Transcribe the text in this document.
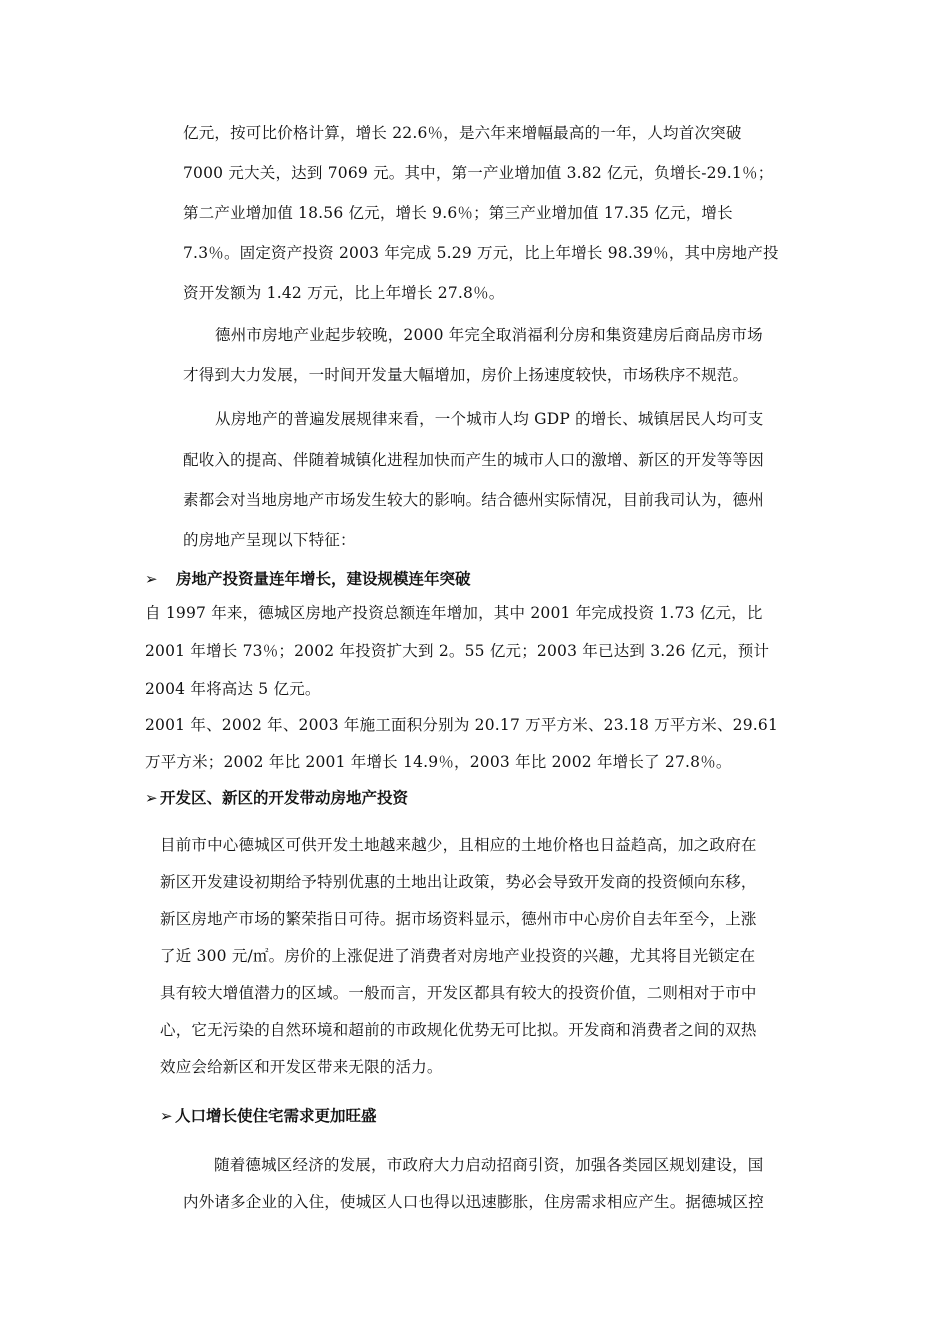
亿元，按可比价格计算，增长 22.6％，是六年来增幅最高的一年，人均首次突破

7000 元大关，达到 7069 元。其中，第一产业增加值 3.82 亿元，负增长-29.1％；

第二产业增加值 18.56 亿元，增长 9.6％；第三产业增加值 17.35 亿元，增长

7.3％。固定资产投资 2003 年完成 5.29 万元，比上年增长 98.39％，其中房地产投

资开发额为 1.42 万元，比上年增长 27.8％。

德州市房地产业起步较晚，2000 年完全取消福利分房和集资建房后商品房市场

才得到大力发展，一时间开发量大幅增加，房价上扬速度较快，市场秩序不规范。

从房地产的普遍发展规律来看，一个城市人均 GDP 的增长、城镇居民人均可支

配收入的提高、伴随着城镇化进程加快而产生的城市人口的激增、新区的开发等等因

素都会对当地房地产市场发生较大的影响。结合德州实际情况，目前我司认为，德州

的房地产呈现以下特征：

➢ 房地产投资量连年增长，建设规模连年突破

自 1997 年来，德城区房地产投资总额连年增加，其中 2001 年完成投资 1.73 亿元，比

2001 年增长 73％；2002 年投资扩大到 2。55 亿元；2003 年已达到 3.26 亿元，预计

2004 年将高达 5 亿元。

2001 年、2002 年、2003 年施工面积分别为 20.17 万平方米、23.18 万平方米、29.61

万平方米；2002 年比 2001 年增长 14.9％，2003 年比 2002 年增长了 27.8％。

➢ 开发区、新区的开发带动房地产投资

目前市中心德城区可供开发土地越来越少，且相应的土地价格也日益趋高，加之政府在

新区开发建设初期给予特别优惠的土地出让政策，势必会导致开发商的投资倾向东移，

新区房地产市场的繁荣指日可待。据市场资料显示，德州市中心房价自去年至今，上涨

了近 300 元/㎡。房价的上涨促进了消费者对房地产业投资的兴趣，尤其将目光锁定在

具有较大增值潜力的区域。一般而言，开发区都具有较大的投资价值，二则相对于市中

心，它无污染的自然环境和超前的市政规化优势无可比拟。开发商和消费者之间的双热

效应会给新区和开发区带来无限的活力。

➢ 人口增长使住宅需求更加旺盛

随着德城区经济的发展，市政府大力启动招商引资，加强各类园区规划建设，国

内外诸多企业的入住，使城区人口也得以迅速膨胀，住房需求相应产生。据德城区控
